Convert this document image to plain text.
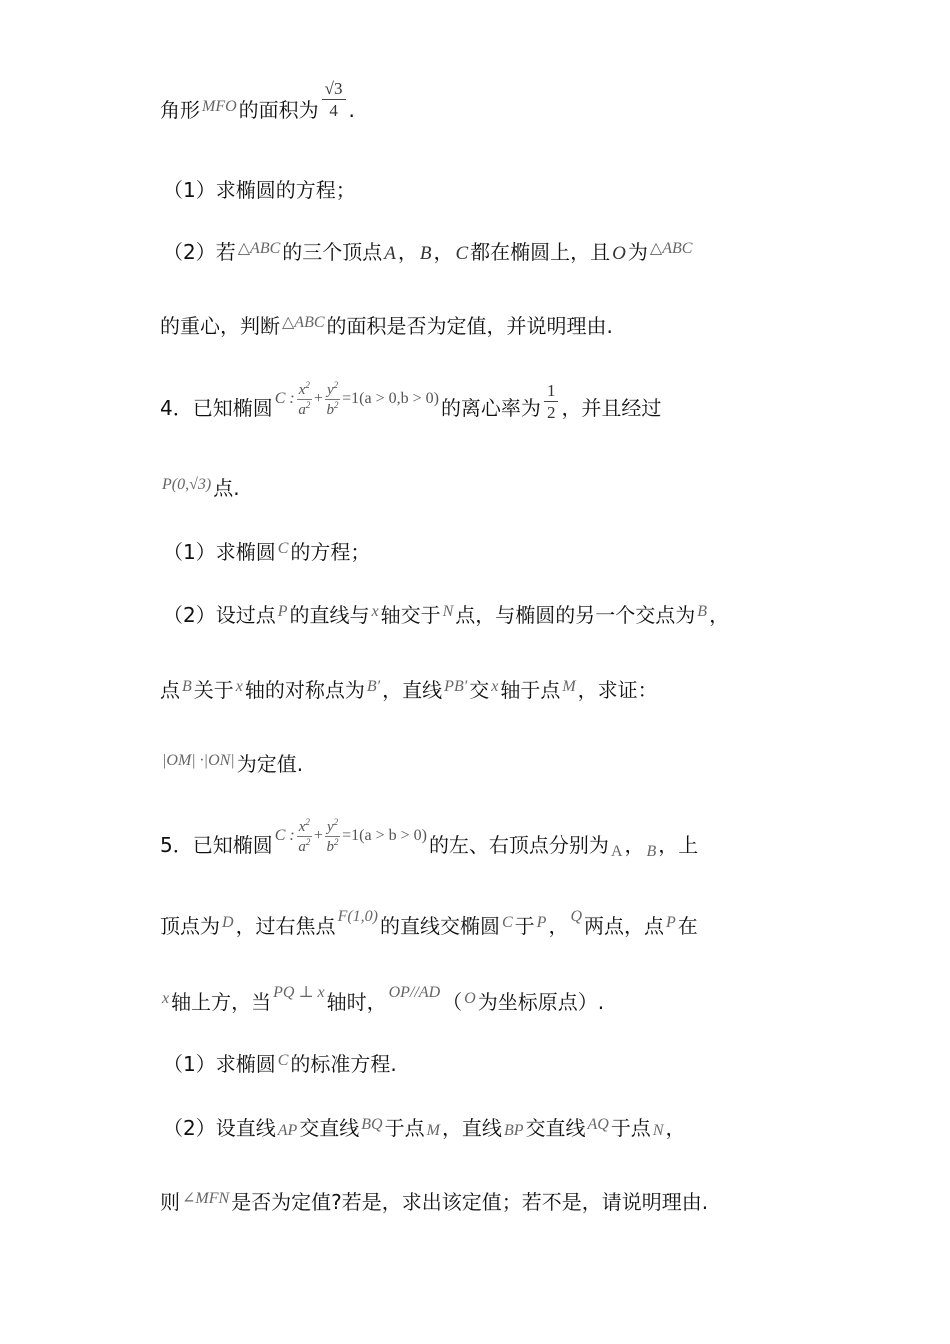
角形 $^{MFO}$ 的面积为 $\frac{√3}{4}$ .
（1）求椭圆的方程；
（2）若 $^{\triangle ABC}$ 的三个顶点 A ， B ， C 都在椭圆上，且 O 为 $^{\triangle ABC}$
的重心，判断 $^{\triangle ABC}$ 的面积是否为定值，并说明理由.
4．已知椭圆 C : $\frac{x^2}{a^2} + \frac{y^2}{b^2} =1(a > 0,b > 0)$ 的离心率为 $\frac{1}{2}$ ，并且经过
$^{P(0,√3)}$ 点.
（1）求椭圆 $^C$ 的方程；
（2）设过点 $^P$ 的直线与 $^x$ 轴交于 $^N$ 点，与椭圆的另一个交点为 $^B$ ，
点 $^B$ 关于 $^x$ 轴的对称点为 $^{B'}$ ，直线 $^{PB'}$ 交 $^x$ 轴于点 $^M$ ，求证：
$^{|OM| \cdot|ON|}$ 为定值.
5．已知椭圆 C : $\frac{x^2}{a^2} + \frac{y^2}{b^2} =1(a > b > 0)$ 的左、右顶点分别为 $_A$ ， $_B$ ，上
顶点为 $^D$ ，过右焦点 $^{F(1,0)}$ 的直线交椭圆 $^C$ 于 $^P$ ， $^Q$ 两点，点 $^P$ 在
$^x$ 轴上方，当 $^{PQ \perp x}$ 轴时， $^{OP//AD}$ （ $^O$ 为坐标原点）.
（1）求椭圆 $^C$ 的标准方程.
（2）设直线 AP 交直线 $^{BQ}$ 于点 M ，直线 BP 交直线 $^{AQ}$ 于点 N ，
则 $^{\angle MFN}$ 是否为定值?若是，求出该定值；若不是，请说明理由.
